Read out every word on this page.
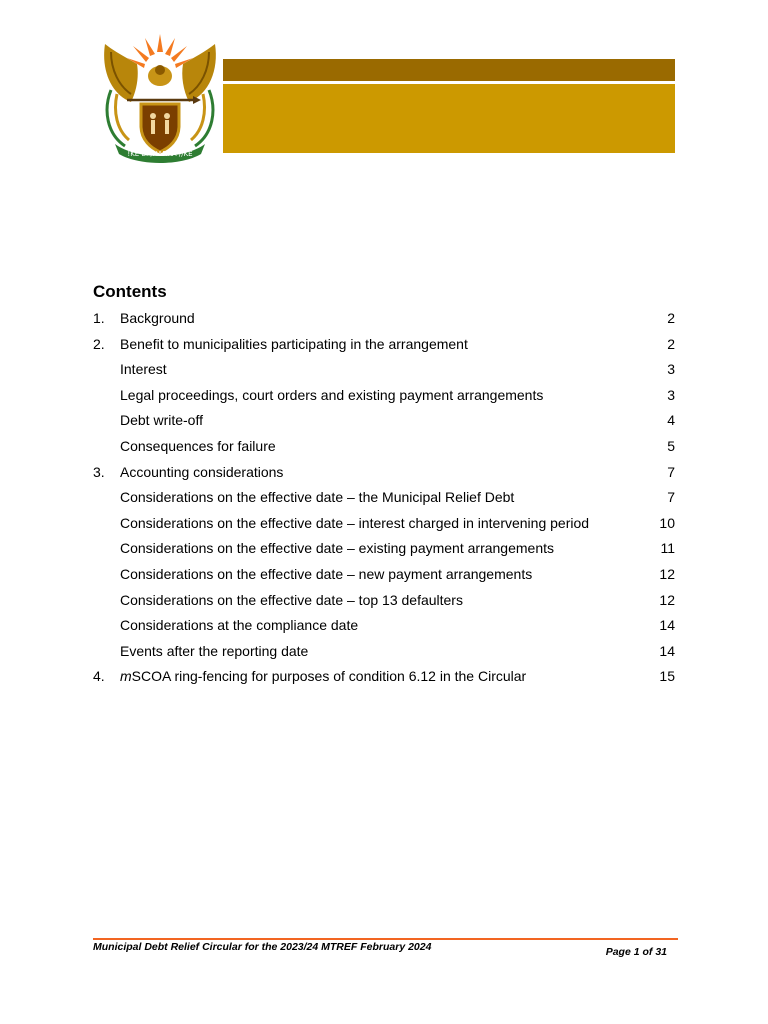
!KE E: /XARRA //KE
Contents
1. Background	2
2. Benefit to municipalities participating in the arrangement	2
Interest	3
Legal proceedings, court orders and existing payment arrangements	3
Debt write-off	4
Consequences for failure	5
3. Accounting considerations	7
Considerations on the effective date – the Municipal Relief Debt	7
Considerations on the effective date – interest charged in intervening period	10
Considerations on the effective date – existing payment arrangements	11
Considerations on the effective date – new payment arrangements	12
Considerations on the effective date – top 13 defaulters	12
Considerations at the compliance date	14
Events after the reporting date	14
4. mSCOA ring-fencing for purposes of condition 6.12 in the Circular	15
Municipal Debt Relief Circular for the 2023/24 MTREF February 2024	Page 1 of 31
